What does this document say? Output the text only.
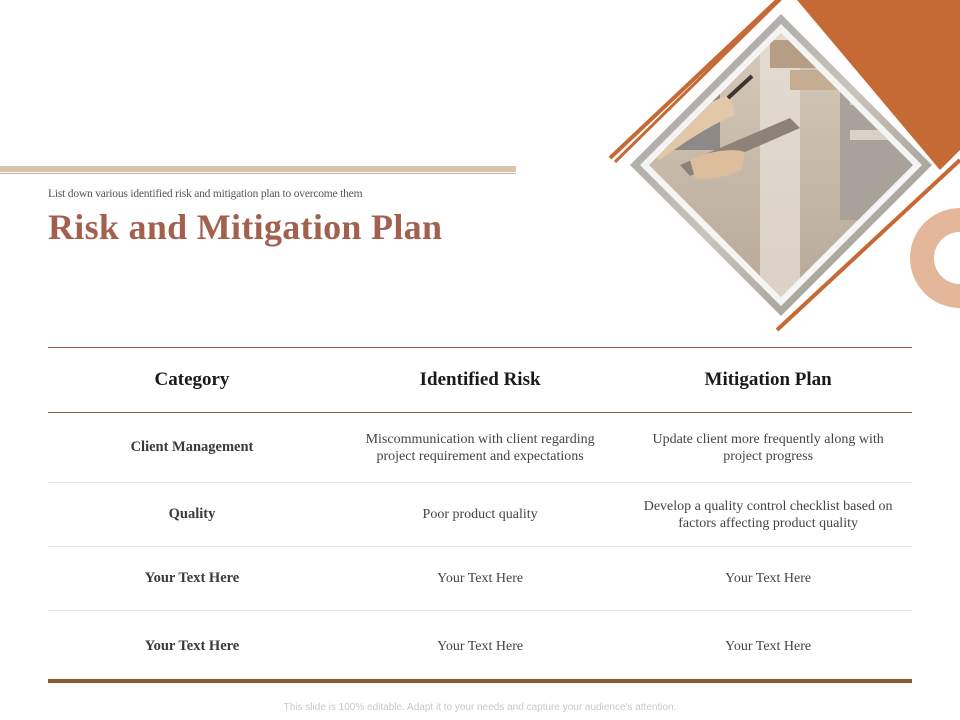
List down various identified risk and mitigation plan to overcome them
Risk and Mitigation Plan
Category	Identified Risk	Mitigation Plan
Client Management	Miscommunication with client regarding project requirement and expectations	Update client more frequently along with project progress
Quality	Poor product quality	Develop a quality control checklist based on factors affecting product quality
Your Text Here	Your Text Here	Your Text Here
Your Text Here	Your Text Here	Your Text Here
This slide is 100% editable. Adapt it to your needs and capture your audience's attention.
